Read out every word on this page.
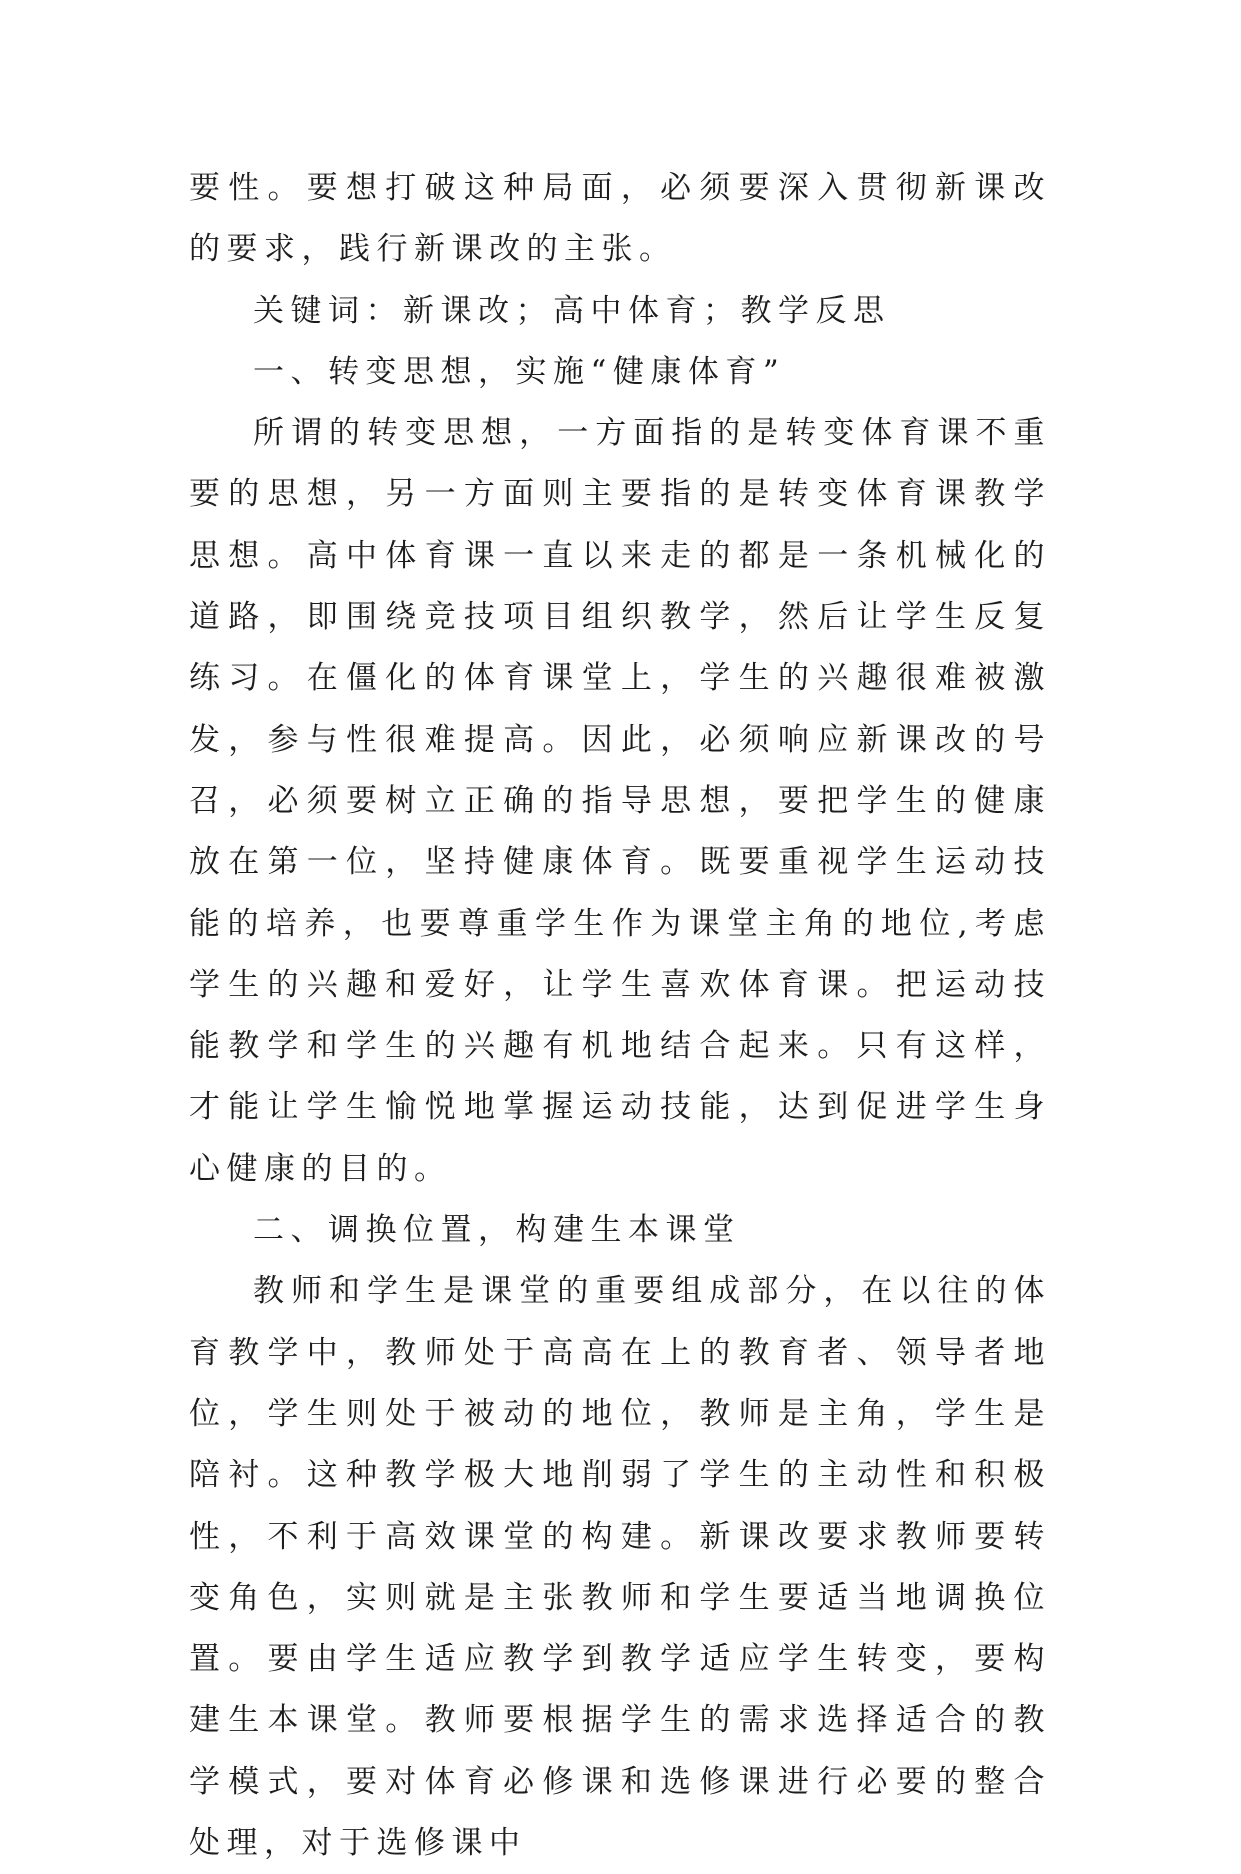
要性。要想打破这种局面，必须要深入贯彻新课改的要求，践行新课改的主张。

关键词：新课改；高中体育；教学反思

一、转变思想，实施“健康体育”

所谓的转变思想，一方面指的是转变体育课不重要的思想，另一方面则主要指的是转变体育课教学思想。高中体育课一直以来走的都是一条机械化的道路，即围绕竞技项目组织教学，然后让学生反复练习。在僵化的体育课堂上，学生的兴趣很难被激发，参与性很难提高。因此，必须响应新课改的号召，必须要树立正确的指导思想，要把学生的健康放在第一位，坚持健康体育。既要重视学生运动技能的培养，也要尊重学生作为课堂主角的地位,考虑学生的兴趣和爱好，让学生喜欢体育课。把运动技能教学和学生的兴趣有机地结合起来。只有这样，才能让学生愉悦地掌握运动技能，达到促进学生身心健康的目的。

二、调换位置，构建生本课堂

教师和学生是课堂的重要组成部分，在以往的体育教学中，教师处于高高在上的教育者、领导者地位，学生则处于被动的地位，教师是主角，学生是陪衬。这种教学极大地削弱了学生的主动性和积极性，不利于高效课堂的构建。新课改要求教师要转变角色，实则就是主张教师和学生要适当地调换位置。要由学生适应教学到教学适应学生转变，要构建生本课堂。教师要根据学生的需求选择适合的教学模式，要对体育必修课和选修课进行必要的整合处理，对于选修课中
